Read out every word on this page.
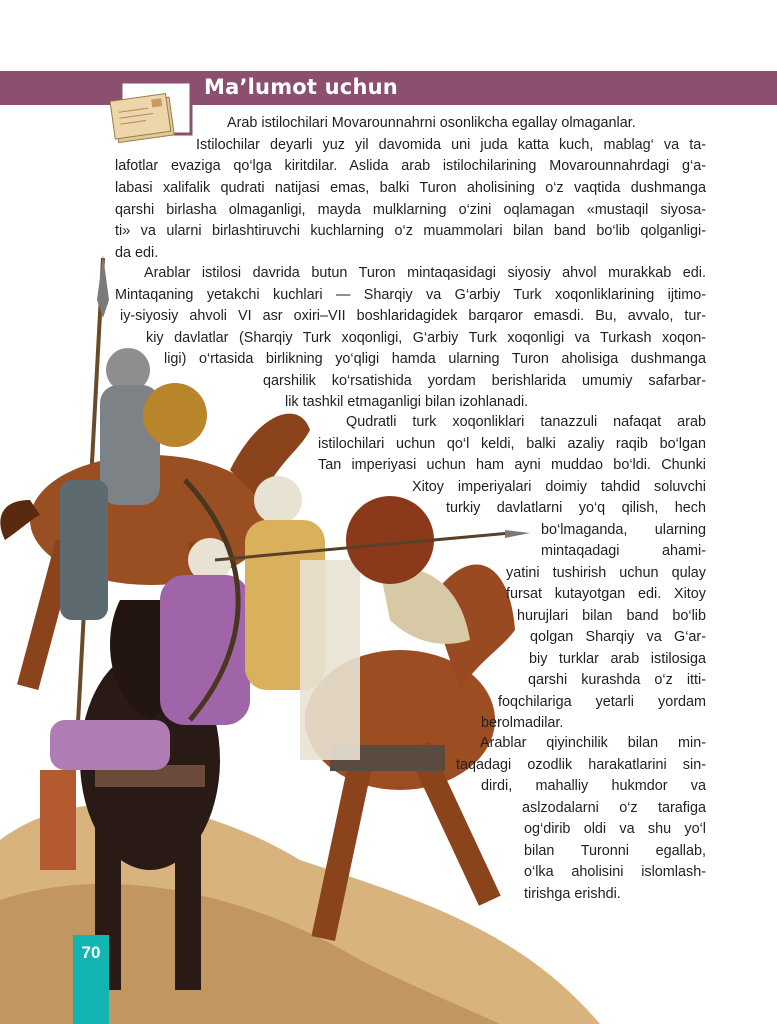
Ma’lumot uchun
Arab istilochilari Movarounnahrni osonlikcha egallay olmaganlar.
Istilochilar deyarli yuz yil davomida uni juda katta kuch, mablag‘ va ta-
lafotlar evaziga qo‘lga kiritdilar. Aslida arab istilochilarining Movarounnahrdagi g‘a-
labasi xalifalik qudrati natijasi emas, balki Turon aholisining o‘z vaqtida dushmanga
qarshi birlasha olmaganligi, mayda mulklarning o‘zini oqlamagan «mustaqil siyosa-
ti» va ularni birlashtiruvchi kuchlarning o‘z muammolari bilan band bo‘lib qolganligi-
da edi.
Arablar istilosi davrida butun Turon mintaqasidagi siyosiy ahvol murakkab edi.
Mintaqaning yetakchi kuchlari — Sharqiy va G‘arbiy Turk xoqonliklarining ijtimo-
iy-siyosiy ahvoli VI asr oxiri–VII boshlaridagidek barqaror emasdi. Bu, avvalo, tur-
kiy davlatlar (Sharqiy Turk xoqonligi, G‘arbiy Turk xoqonligi va Turkash xoqon-
ligi) o‘rtasida birlikning yo‘qligi hamda ularning Turon aholisiga dushmanga
qarshilik ko‘rsatishida yordam berishlarida umumiy safarbar-
lik tashkil etmaganligi bilan izohlanadi.
Qudratli turk xoqonliklari tanazzuli nafaqat arab
istilochilari uchun qo‘l keldi, balki azaliy raqib bo‘lgan
Tan imperiyasi uchun ham ayni muddao bo‘ldi. Chunki
Xitoy imperiyalari doimiy tahdid soluvchi
turkiy davlatlarni yo‘q qilish, hech
bo‘lmaganda, ularning
mintaqadagi ahami-
yatini tushirish uchun qulay
fursat kutayotgan edi. Xitoy
hurujlari bilan band bo‘lib
qolgan Sharqiy va G‘ar-
biy turklar arab istilosiga
qarshi kurashda o‘z itti-
foqchilariga yetarli yordam
berolmadilar.
Arablar qiyinchilik bilan min-
taqadagi ozodlik harakatlarini sin-
dirdi, mahalliy hukmdor va
aslzodalarni o‘z tarafiga
og‘dirib oldi va shu yo‘l
bilan Turonni egallab,
o‘lka aholisini islomlash-
tirishga erishdi.
70
